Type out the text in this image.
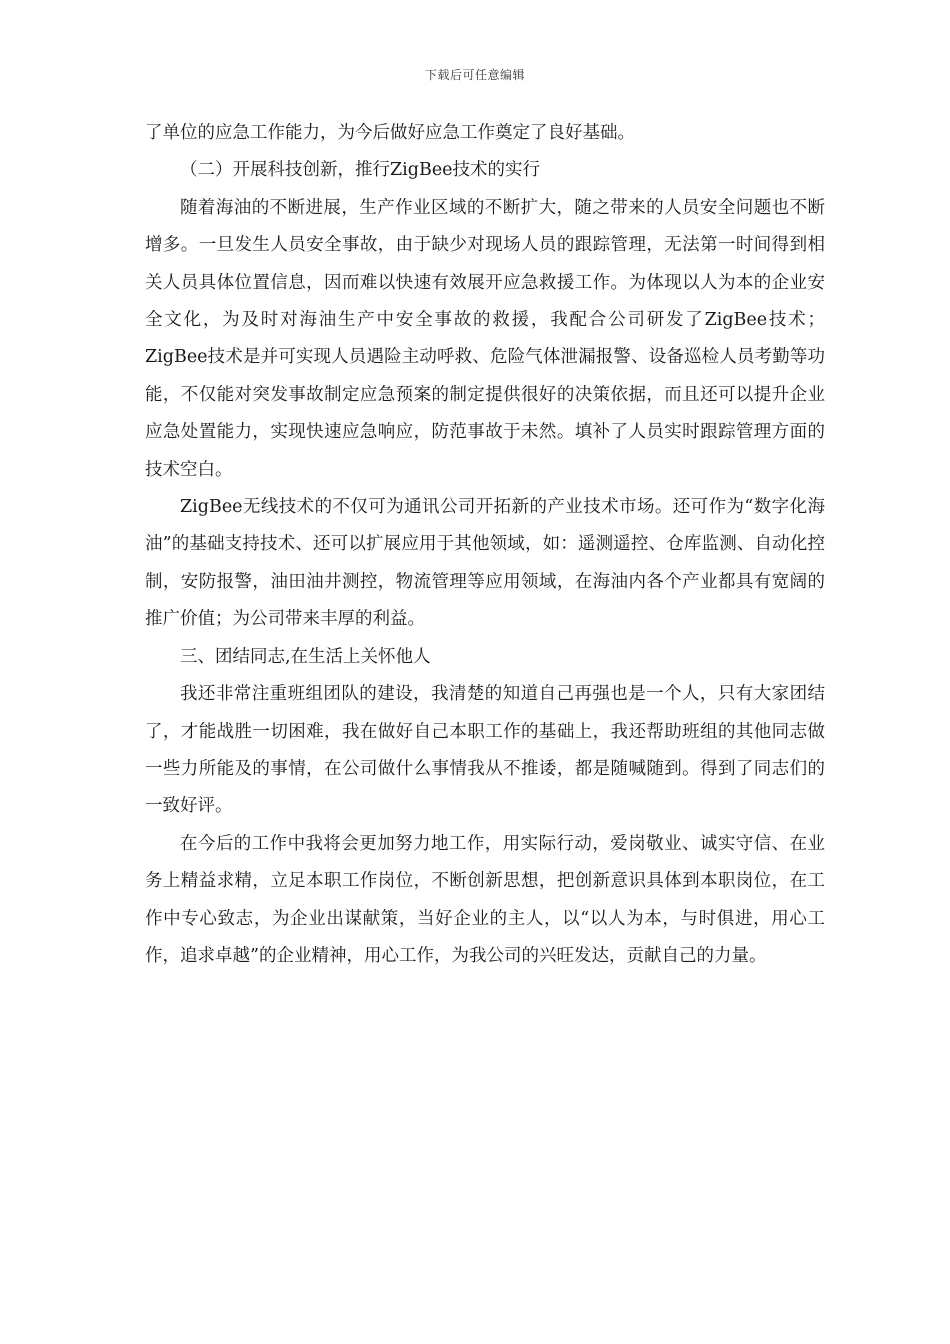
下载后可任意编辑

了单位的应急工作能力，为今后做好应急工作奠定了良好基础。

（二）开展科技创新，推行ZigBee技术的实行

随着海油的不断进展，生产作业区域的不断扩大，随之带来的人员安全问题也不断增多。一旦发生人员安全事故，由于缺少对现场人员的跟踪管理，无法第一时间得到相关人员具体位置信息，因而难以快速有效展开应急救援工作。为体现以人为本的企业安全文化，为及时对海油生产中安全事故的救援，我配合公司研发了ZigBee技术；ZigBee技术是并可实现人员遇险主动呼救、危险气体泄漏报警、设备巡检人员考勤等功能，不仅能对突发事故制定应急预案的制定提供很好的决策依据，而且还可以提升企业应急处置能力，实现快速应急响应，防范事故于未然。填补了人员实时跟踪管理方面的技术空白。

ZigBee无线技术的不仅可为通讯公司开拓新的产业技术市场。还可作为“数字化海油”的基础支持技术、还可以扩展应用于其他领域，如：遥测遥控、仓库监测、自动化控制，安防报警，油田油井测控，物流管理等应用领域，在海油内各个产业都具有宽阔的推广价值；为公司带来丰厚的利益。

三、团结同志,在生活上关怀他人

我还非常注重班组团队的建设，我清楚的知道自己再强也是一个人，只有大家团结了，才能战胜一切困难，我在做好自己本职工作的基础上，我还帮助班组的其他同志做一些力所能及的事情，在公司做什么事情我从不推诿，都是随喊随到。得到了同志们的一致好评。

在今后的工作中我将会更加努力地工作，用实际行动，爱岗敬业、诚实守信、在业务上精益求精，立足本职工作岗位，不断创新思想，把创新意识具体到本职岗位，在工作中专心致志，为企业出谋献策，当好企业的主人，以“以人为本，与时俱进，用心工作，追求卓越”的企业精神，用心工作，为我公司的兴旺发达，贡献自己的力量。
